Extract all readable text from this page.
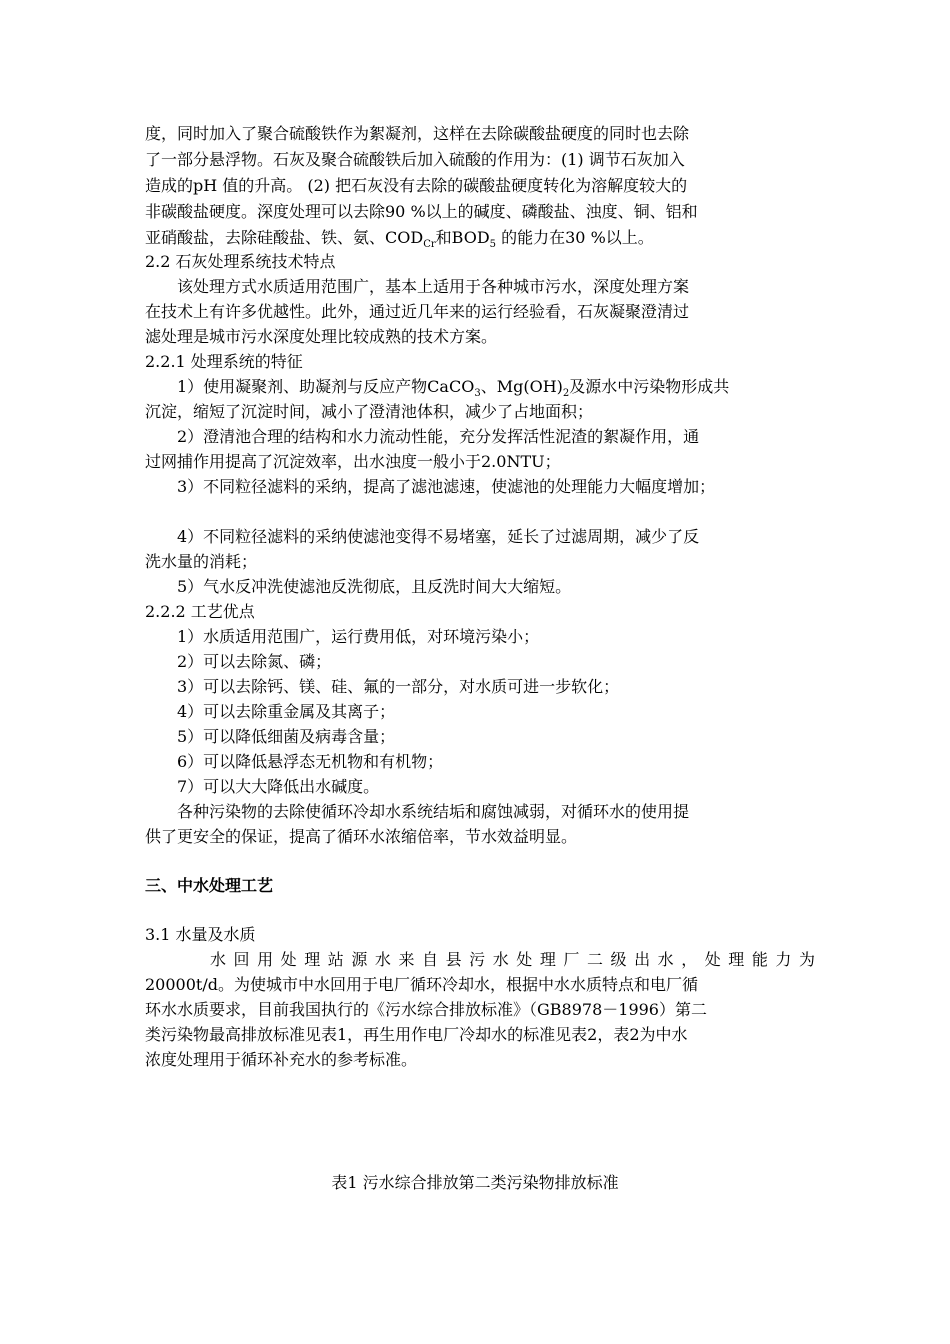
度，同时加入了聚合硫酸铁作为絮凝剂，这样在去除碳酸盐硬度的同时也去除
了一部分悬浮物。石灰及聚合硫酸铁后加入硫酸的作用为：(1) 调节石灰加入
造成的pH 值的升高。 (2) 把石灰没有去除的碳酸盐硬度转化为溶解度较大的
非碳酸盐硬度。深度处理可以去除90 %以上的碱度、磷酸盐、浊度、铜、铝和
亚硝酸盐，去除硅酸盐、铁、氨、$COD_{Cr}$和$BOD_5$ 的能力在30 %以上。
2.2 石灰处理系统技术特点
该处理方式水质适用范围广，基本上适用于各种城市污水，深度处理方案
在技术上有许多优越性。此外，通过近几年来的运行经验看，石灰凝聚澄清过
滤处理是城市污水深度处理比较成熟的技术方案。
2.2.1 处理系统的特征
1）使用凝聚剂、助凝剂与反应产物CaCO$_3$、$Mg(OH)_2$及源水中污染物形成共
沉淀，缩短了沉淀时间，减小了澄清池体积，减少了占地面积；
2）澄清池合理的结构和水力流动性能，充分发挥活性泥渣的絮凝作用，通
过网捕作用提高了沉淀效率，出水浊度一般小于2.0NTU；
3）不同粒径滤料的采纳，提高了滤池滤速，使滤池的处理能力大幅度增加；
4）不同粒径滤料的采纳使滤池变得不易堵塞，延长了过滤周期，减少了反
洗水量的消耗；
5）气水反冲洗使滤池反洗彻底，且反洗时间大大缩短。
2.2.2 工艺优点
1）水质适用范围广，运行费用低，对环境污染小；
2）可以去除氮、磷；
3）可以去除钙、镁、硅、氟的一部分，对水质可进一步软化；
4）可以去除重金属及其离子；
5）可以降低细菌及病毒含量；
6）可以降低悬浮态无机物和有机物；
7）可以大大降低出水碱度。
各种污染物的去除使循环冷却水系统结垢和腐蚀减弱，对循环水的使用提
供了更安全的保证，提高了循环水浓缩倍率，节水效益明显。
三、中水处理工艺
3.1 水量及水质
水回用处理站源水来自县污水处理厂二级出水，处理能力为
20000t/d。为使城市中水回用于电厂循环冷却水，根据中水水质特点和电厂循
环水水质要求，目前我国执行的《污水综合排放标准》（GB8978－1996）第二
类污染物最高排放标准见表1，再生用作电厂冷却水的标准见表2，表2为中水
浓度处理用于循环补充水的参考标准。
表1 污水综合排放第二类污染物排放标准
